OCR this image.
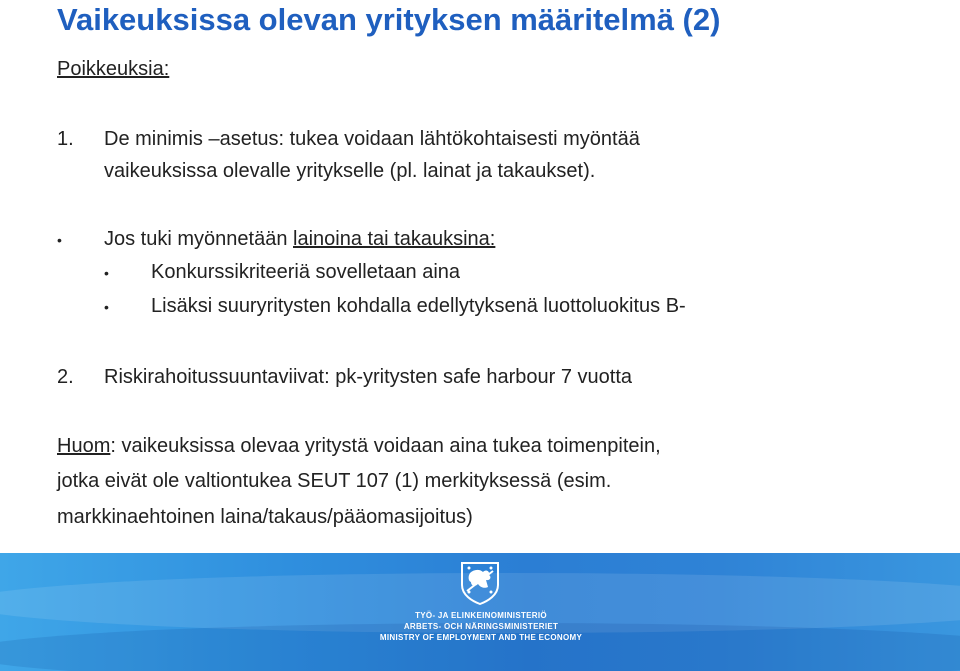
Vaikeuksissa olevan yrityksen määritelmä (2)
Poikkeuksia:
1. De minimis –asetus: tukea voidaan lähtökohtaisesti myöntää
vaikeuksissa olevalle yritykselle (pl. lainat ja takaukset).
• Jos tuki myönnetään lainoina tai takauksina:
• Konkurssikriteeriä sovelletaan aina
• Lisäksi suuryritysten kohdalla edellytyksenä luottoluokitus B-
2. Riskirahoitussuuntaviivat: pk-yritysten safe harbour 7 vuotta
Huom: vaikeuksissa olevaa yritystä voidaan aina tukea toimenpitein,
jotka eivät ole valtiontukea SEUT 107 (1) merkityksessä (esim.
markkinaehtoinen laina/takaus/pääomasijoitus)
TYÖ- JA ELINKEINOMINISTERIÖ
ARBETS- OCH NÄRINGSMINISTERIET
MINISTRY OF EMPLOYMENT AND THE ECONOMY
